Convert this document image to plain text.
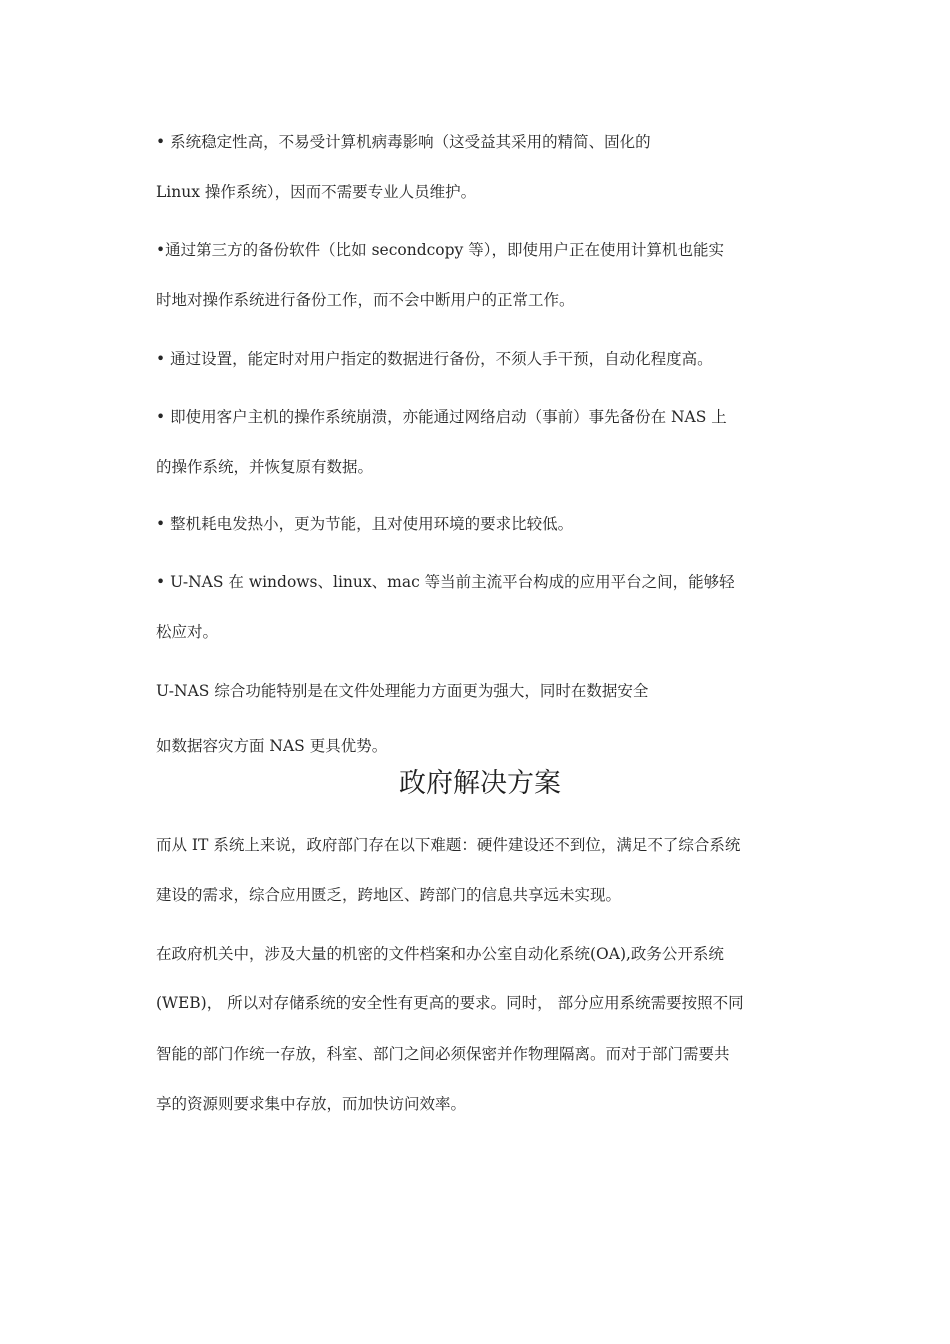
• 系统稳定性高，不易受计算机病毒影响（这受益其采用的精简、固化的
Linux 操作系统），因而不需要专业人员维护。
•通过第三方的备份软件（比如 secondcopy 等），即使用户正在使用计算机也能实
时地对操作系统进行备份工作，而不会中断用户的正常工作。
• 通过设置，能定时对用户指定的数据进行备份，不须人手干预，自动化程度高。
• 即使用客户主机的操作系统崩溃，亦能通过网络启动（事前）事先备份在 NAS 上
的操作系统，并恢复原有数据。
• 整机耗电发热小，更为节能，且对使用环境的要求比较低。
• U-NAS 在 windows、linux、mac 等当前主流平台构成的应用平台之间，能够轻
松应对。
U-NAS 综合功能特别是在文件处理能力方面更为强大，同时在数据安全
如数据容灾方面 NAS 更具优势。
政府解决方案
而从 IT 系统上来说，政府部门存在以下难题：硬件建设还不到位，满足不了综合系统
建设的需求，综合应用匮乏，跨地区、跨部门的信息共享远未实现。
在政府机关中，涉及大量的机密的文件档案和办公室自动化系统(OA),政务公开系统
(WEB)， 所以对存储系统的安全性有更高的要求。同时， 部分应用系统需要按照不同
智能的部门作统一存放，科室、部门之间必须保密并作物理隔离。而对于部门需要共
享的资源则要求集中存放，而加快访问效率。
